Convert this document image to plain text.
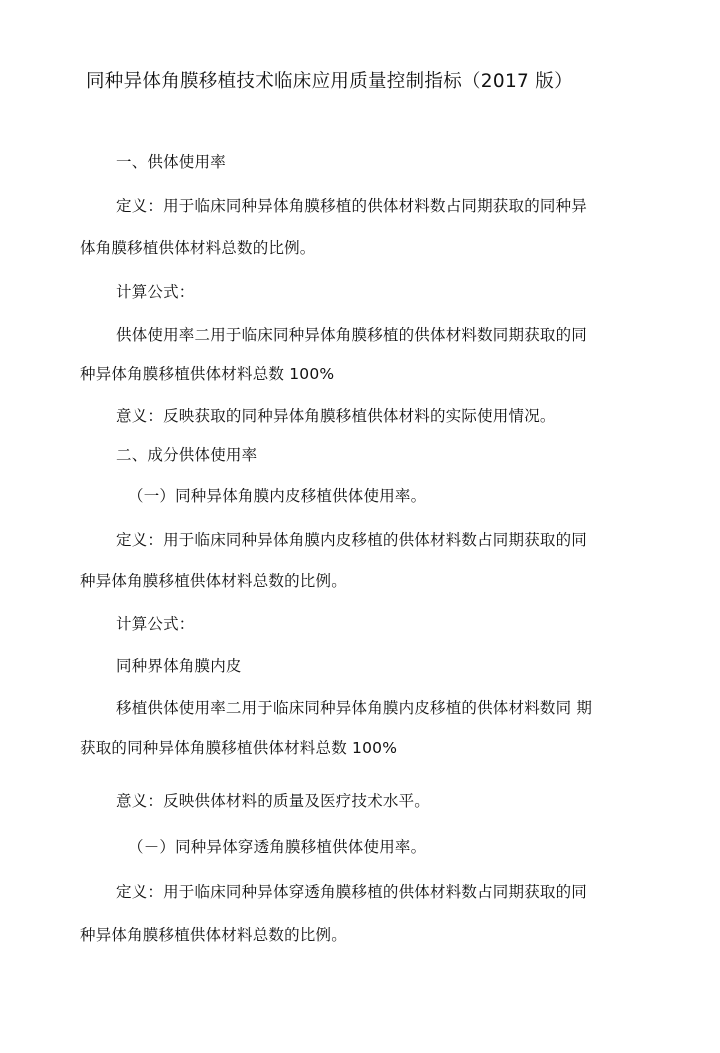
同种异体角膜移植技术临床应用质量控制指标（2017 版）
一、供体使用率
定义：用于临床同种异体角膜移植的供体材料数占同期获取的同种异
体角膜移植供体材料总数的比例。
计算公式：
供体使用率二用于临床同种异体角膜移植的供体材料数同期获取的同
种异体角膜移植供体材料总数 100%
意义：反映获取的同种异体角膜移植供体材料的实际使用情况。
二、成分供体使用率
（一）同种异体角膜内皮移植供体使用率。
定义：用于临床同种异体角膜内皮移植的供体材料数占同期获取的同
种异体角膜移植供体材料总数的比例。
计算公式：
同种界体角膜内皮
移植供体使用率二用于临床同种异体角膜内皮移植的供体材料数同 期
获取的同种异体角膜移植供体材料总数 100%
意义：反映供体材料的质量及医疗技术水平。
（－）同种异体穿透角膜移植供体使用率。
定义：用于临床同种异体穿透角膜移植的供体材料数占同期获取的同
种异体角膜移植供体材料总数的比例。
